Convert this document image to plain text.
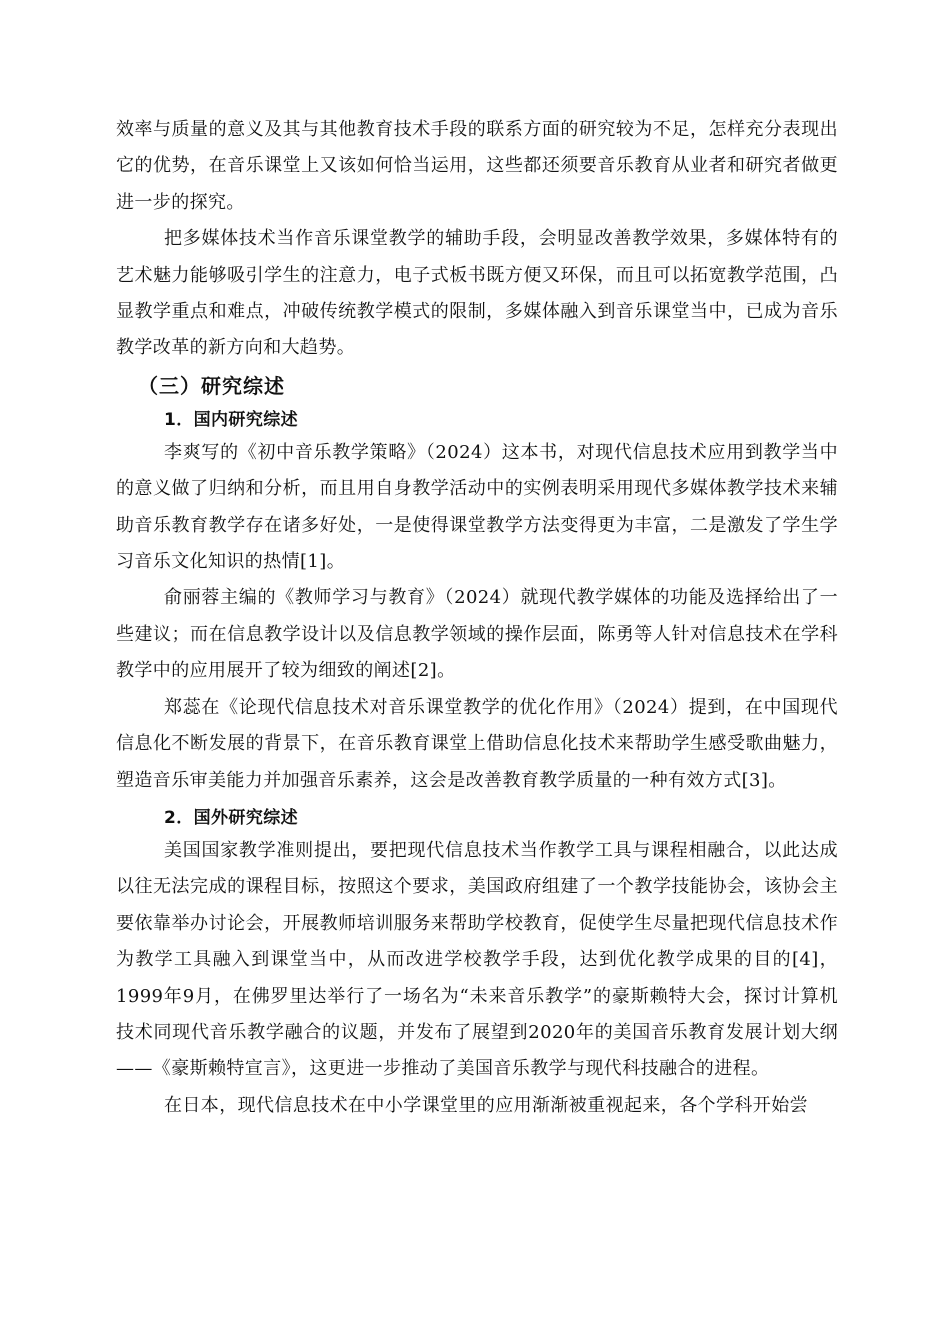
效率与质量的意义及其与其他教育技术手段的联系方面的研究较为不足，怎样充分表现出它的优势，在音乐课堂上又该如何恰当运用，这些都还须要音乐教育从业者和研究者做更进一步的探究。

把多媒体技术当作音乐课堂教学的辅助手段，会明显改善教学效果，多媒体特有的艺术魅力能够吸引学生的注意力，电子式板书既方便又环保，而且可以拓宽教学范围，凸显教学重点和难点，冲破传统教学模式的限制，多媒体融入到音乐课堂当中，已成为音乐教学改革的新方向和大趋势。

（三）研究综述
1．国内研究综述

李爽写的《初中音乐教学策略》（2024）这本书，对现代信息技术应用到教学当中的意义做了归纳和分析，而且用自身教学活动中的实例表明采用现代多媒体教学技术来辅助音乐教育教学存在诸多好处，一是使得课堂教学方法变得更为丰富，二是激发了学生学习音乐文化知识的热情[1]。

俞丽蓉主编的《教师学习与教育》（2024）就现代教学媒体的功能及选择给出了一些建议；而在信息教学设计以及信息教学领域的操作层面，陈勇等人针对信息技术在学科教学中的应用展开了较为细致的阐述[2]。

郑蕊在《论现代信息技术对音乐课堂教学的优化作用》（2024）提到，在中国现代信息化不断发展的背景下，在音乐教育课堂上借助信息化技术来帮助学生感受歌曲魅力，塑造音乐审美能力并加强音乐素养，这会是改善教育教学质量的一种有效方式[3]。

2．国外研究综述

美国国家教学准则提出，要把现代信息技术当作教学工具与课程相融合，以此达成以往无法完成的课程目标，按照这个要求，美国政府组建了一个教学技能协会，该协会主要依靠举办讨论会，开展教师培训服务来帮助学校教育，促使学生尽量把现代信息技术作为教学工具融入到课堂当中，从而改进学校教学手段，达到优化教学成果的目的[4]，1999年9月，在佛罗里达举行了一场名为“未来音乐教学”的豪斯赖特大会，探讨计算机技术同现代音乐教学融合的议题，并发布了展望到2020年的美国音乐教育发展计划大纲——《豪斯赖特宣言》，这更进一步推动了美国音乐教学与现代科技融合的进程。

在日本，现代信息技术在中小学课堂里的应用渐渐被重视起来，各个学科开始尝
